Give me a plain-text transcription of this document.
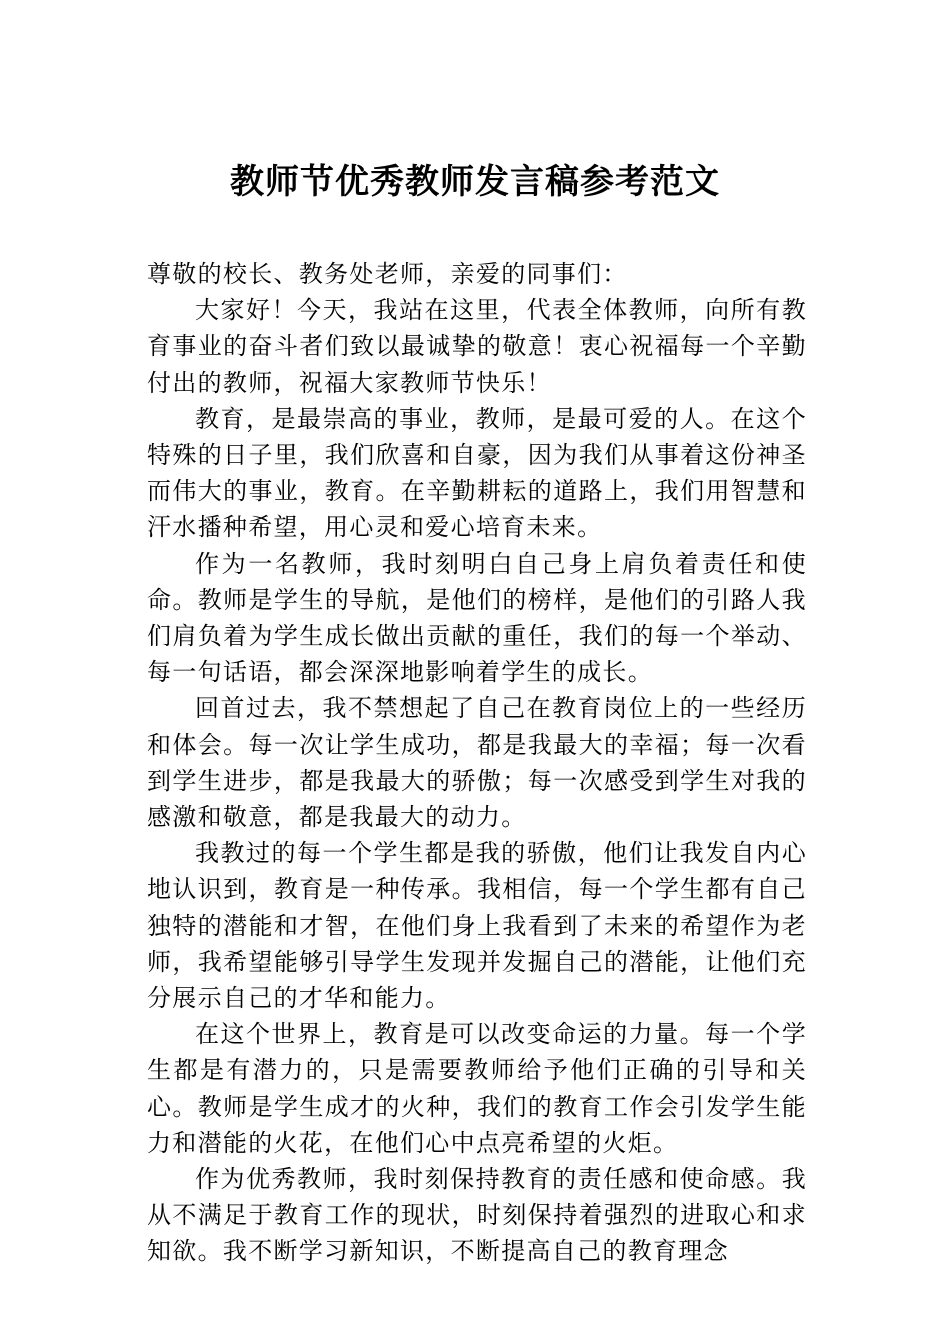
教师节优秀教师发言稿参考范文

尊敬的校长、教务处老师，亲爱的同事们：

大家好！今天，我站在这里，代表全体教师，向所有教育事业的奋斗者们致以最诚挚的敬意！衷心祝福每一个辛勤付出的教师，祝福大家教师节快乐！

教育，是最崇高的事业，教师，是最可爱的人。在这个特殊的日子里，我们欣喜和自豪，因为我们从事着这份神圣而伟大的事业，教育。在辛勤耕耘的道路上，我们用智慧和汗水播种希望，用心灵和爱心培育未来。

作为一名教师，我时刻明白自己身上肩负着责任和使命。教师是学生的导航，是他们的榜样，是他们的引路人我们肩负着为学生成长做出贡献的重任，我们的每一个举动、每一句话语，都会深深地影响着学生的成长。

回首过去，我不禁想起了自己在教育岗位上的一些经历和体会。每一次让学生成功，都是我最大的幸福；每一次看到学生进步，都是我最大的骄傲；每一次感受到学生对我的感激和敬意，都是我最大的动力。

我教过的每一个学生都是我的骄傲，他们让我发自内心地认识到，教育是一种传承。我相信，每一个学生都有自己独特的潜能和才智，在他们身上我看到了未来的希望作为老师，我希望能够引导学生发现并发掘自己的潜能，让他们充分展示自己的才华和能力。

在这个世界上，教育是可以改变命运的力量。每一个学生都是有潜力的，只是需要教师给予他们正确的引导和关心。教师是学生成才的火种，我们的教育工作会引发学生能力和潜能的火花，在他们心中点亮希望的火炬。

作为优秀教师，我时刻保持教育的责任感和使命感。我从不满足于教育工作的现状，时刻保持着强烈的进取心和求知欲。我不断学习新知识，不断提高自己的教育理念
